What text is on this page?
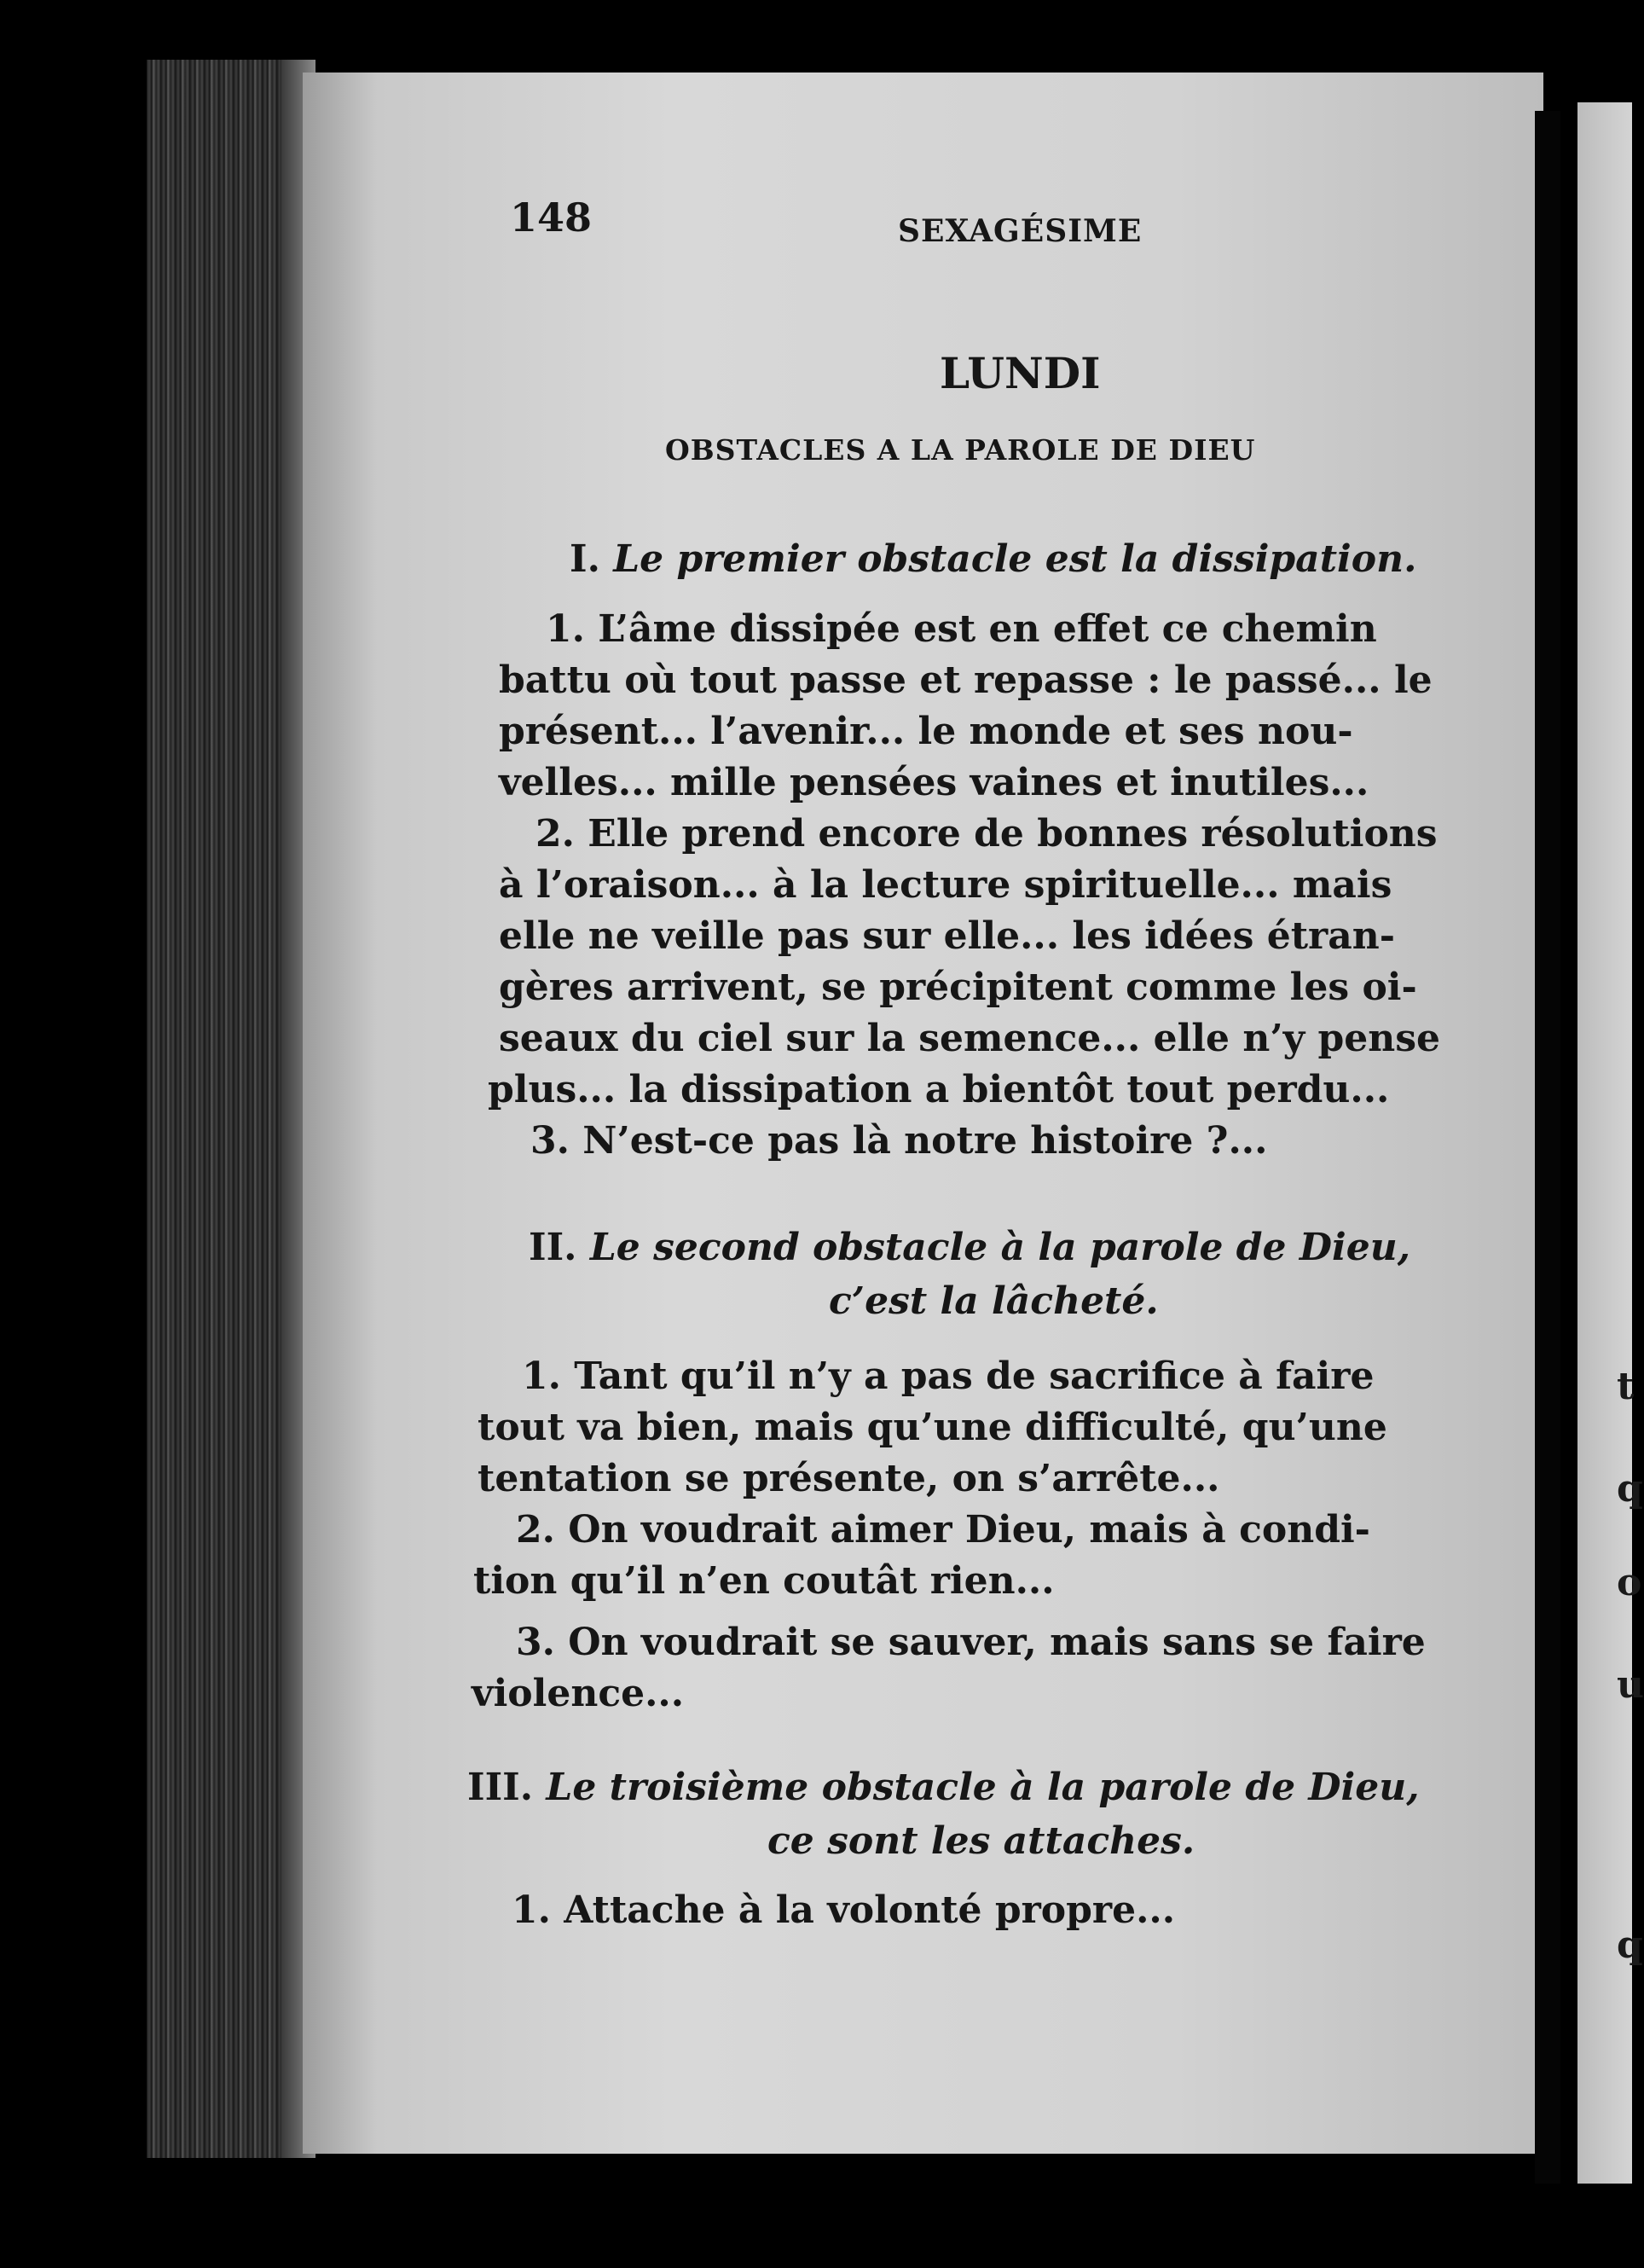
t
q
o
u
q
148	SEXAGÉSIME
LUNDI
OBSTACLES A LA PAROLE DE DIEU
I. Le premier obstacle est la dissipation.
1. L’âme dissipée est en effet ce chemin
battu où tout passe et repasse : le passé... le
présent... l’avenir... le monde et ses nou-
velles... mille pensées vaines et inutiles...
2. Elle prend encore de bonnes résolutions
à l’oraison... à la lecture spirituelle... mais
elle ne veille pas sur elle... les idées étran-
gères arrivent, se précipitent comme les oi-
seaux du ciel sur la semence... elle n’y pense
plus... la dissipation a bientôt tout perdu...
3. N’est-ce pas là notre histoire ?...
II. Le second obstacle à la parole de Dieu,
c’est la lâcheté.
1. Tant qu’il n’y a pas de sacrifice à faire
tout va bien, mais qu’une difficulté, qu’une
tentation se présente, on s’arrête...
2. On voudrait aimer Dieu, mais à condi-
tion qu’il n’en coutât rien...
3. On voudrait se sauver, mais sans se faire
violence...
III. Le troisième obstacle à la parole de Dieu,
ce sont les attaches.
1. Attache à la volonté propre...
